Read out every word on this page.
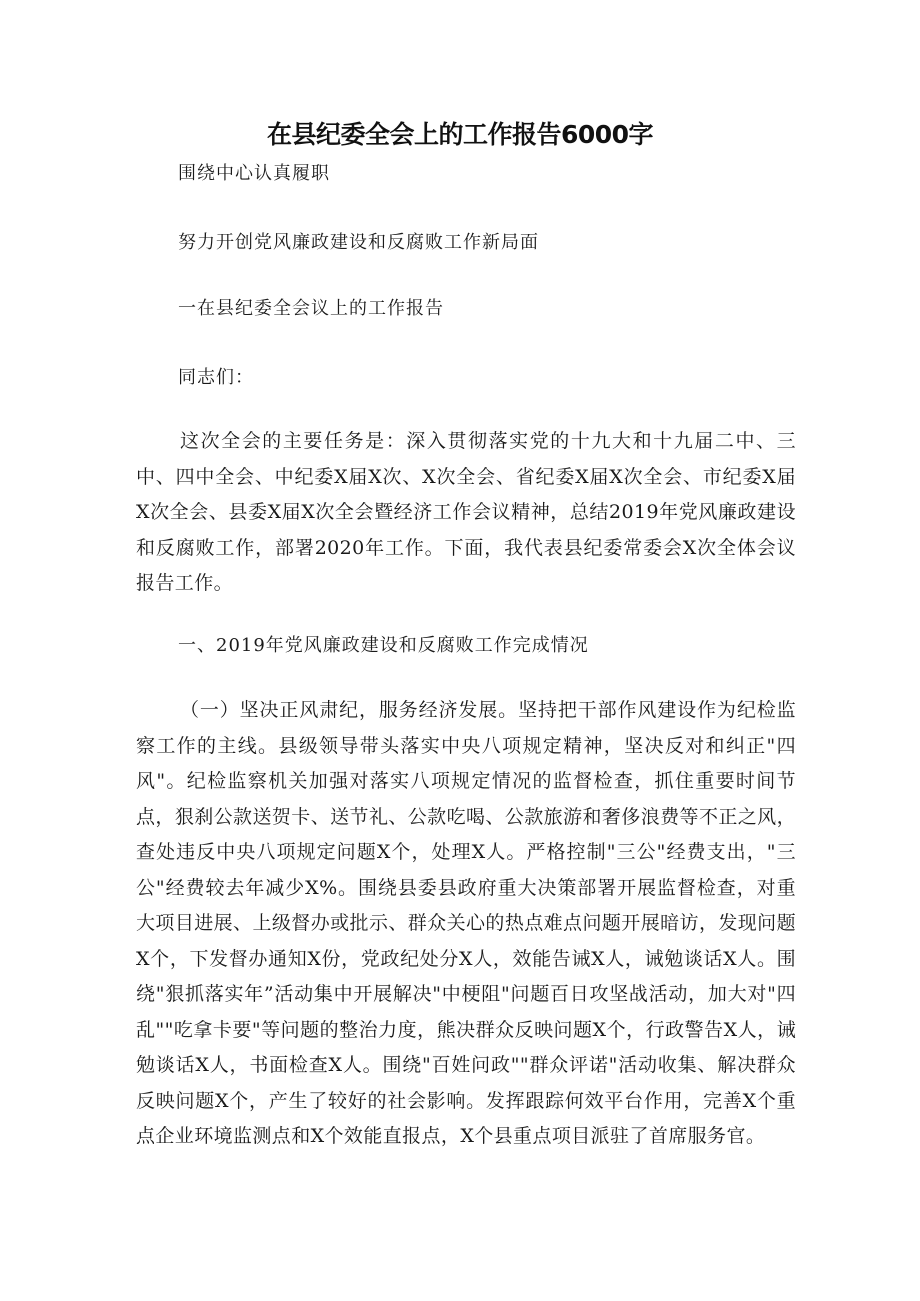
在县纪委全会上的工作报告6000字
围绕中心认真履职
努力开创党风廉政建设和反腐败工作新局面
一在县纪委全会议上的工作报告
同志们：
这次全会的主要任务是：深入贯彻落实党的十九大和十九届二中、三中、四中全会、中纪委X届X次、X次全会、省纪委X届X次全会、市纪委X届X次全会、县委X届X次全会暨经济工作会议精神，总结2019年党风廉政建设和反腐败工作，部署2020年工作。下面，我代表县纪委常委会X次全体会议报告工作。
一、2019年党风廉政建设和反腐败工作完成情况
（一）坚决正风肃纪，服务经济发展。坚持把干部作风建设作为纪检监察工作的主线。县级领导带头落实中央八项规定精神，坚决反对和纠正"四风"。纪检监察机关加强对落实八项规定情况的监督检查，抓住重要时间节点，狠刹公款送贺卡、送节礼、公款吃喝、公款旅游和奢侈浪费等不正之风，查处违反中央八项规定问题X个，处理X人。严格控制"三公"经费支出，"三公"经费较去年减少X%。围绕县委县政府重大决策部署开展监督检查，对重大项目进展、上级督办或批示、群众关心的热点难点问题开展暗访，发现问题X个，下发督办通知X份，党政纪处分X人，效能告诫X人，诫勉谈话X人。围绕"狠抓落实年”活动集中开展解决"中梗阻"问题百日攻坚战活动，加大对"四乱""吃拿卡要"等问题的整治力度，熊决群众反映问题X个，行政警告X人，诫勉谈话X人，书面检查X人。围绕"百姓问政""群众评诺"活动收集、解决群众反映问题X个，产生了较好的社会影响。发挥跟踪何效平台作用，完善X个重点企业环境监测点和X个效能直报点，X个县重点项目派驻了首席服务官。
